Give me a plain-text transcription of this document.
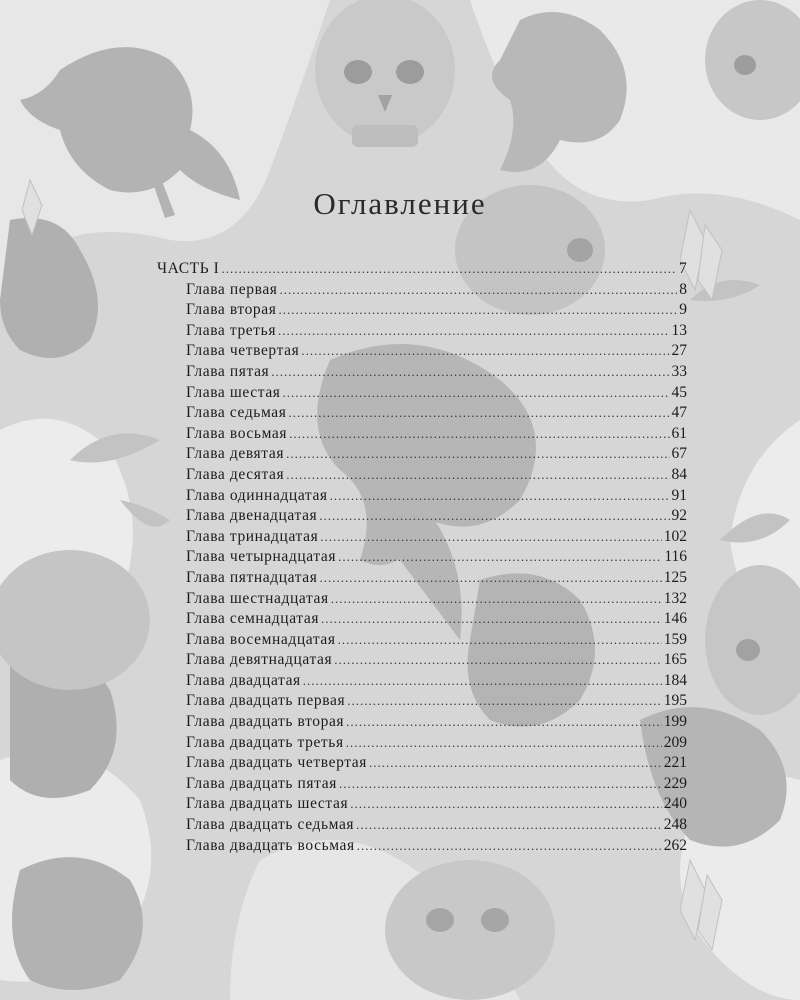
Оглавление
ЧАСТЬ I .....	7
Глава первая .....	8
Глава вторая .....	9
Глава третья .....	13
Глава четвертая .....	27
Глава пятая .....	33
Глава шестая .....	45
Глава седьмая .....	47
Глава восьмая .....	61
Глава девятая .....	67
Глава десятая .....	84
Глава одиннадцатая .....	91
Глава двенадцатая .....	92
Глава тринадцатая .....	102
Глава четырнадцатая .....	116
Глава пятнадцатая .....	125
Глава шестнадцатая .....	132
Глава семнадцатая .....	146
Глава восемнадцатая .....	159
Глава девятнадцатая .....	165
Глава двадцатая .....	184
Глава двадцать первая .....	195
Глава двадцать вторая .....	199
Глава двадцать третья .....	209
Глава двадцать четвертая .....	221
Глава двадцать пятая .....	229
Глава двадцать шестая .....	240
Глава двадцать седьмая .....	248
Глава двадцать восьмая .....	262
